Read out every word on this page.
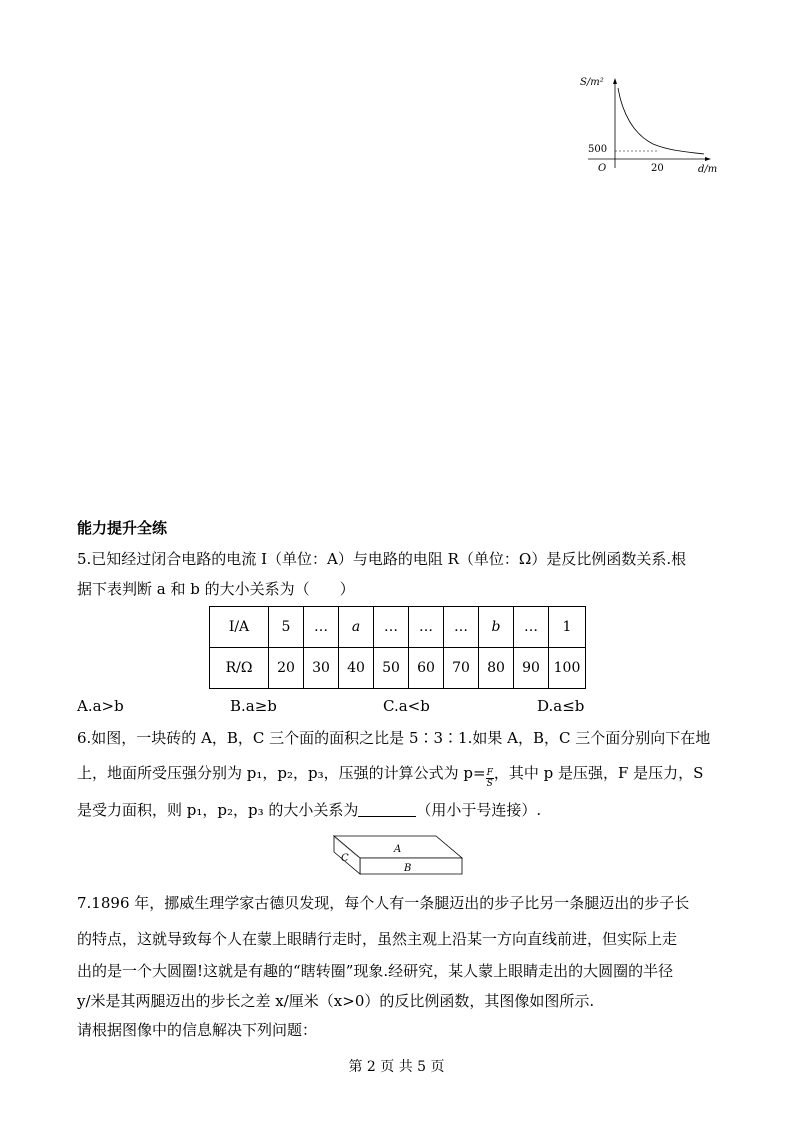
S/m²
500
O	20	d/m
能力提升全练
5.已知经过闭合电路的电流 I（单位：A）与电路的电阻 R（单位：Ω）是反比例函数关系.根
据下表判断 a 和 b 的大小关系为（　　）
I/A	5	…	a	…	…	…	b	…	1
R/Ω	20	30	40	50	60	70	80	90	100
A.a>b	B.a≥b	C.a<b	D.a≤b
6.如图，一块砖的 A，B，C 三个面的面积之比是 5∶3∶1.如果 A，B，C 三个面分别向下在地
上，地面所受压强分别为 p₁，p₂，p₃，压强的计算公式为 $p= \frac{F}{S}$ ，其中 p 是压强，F 是压力，S
是受力面积，则 p₁，p₂，p₃ 的大小关系为	（用小于号连接）.
A
B
C
7.1896 年，挪威生理学家古德贝发现，每个人有一条腿迈出的步子比另一条腿迈出的步子长
的特点，这就导致每个人在蒙上眼睛行走时，虽然主观上沿某一方向直线前进，但实际上走
出的是一个大圆圈!这就是有趣的“瞎转圈”现象.经研究，某人蒙上眼睛走出的大圆圈的半径
y/米是其两腿迈出的步长之差 x/厘米（x>0）的反比例函数，其图像如图所示.
请根据图像中的信息解决下列问题：
第 2 页 共 5 页
